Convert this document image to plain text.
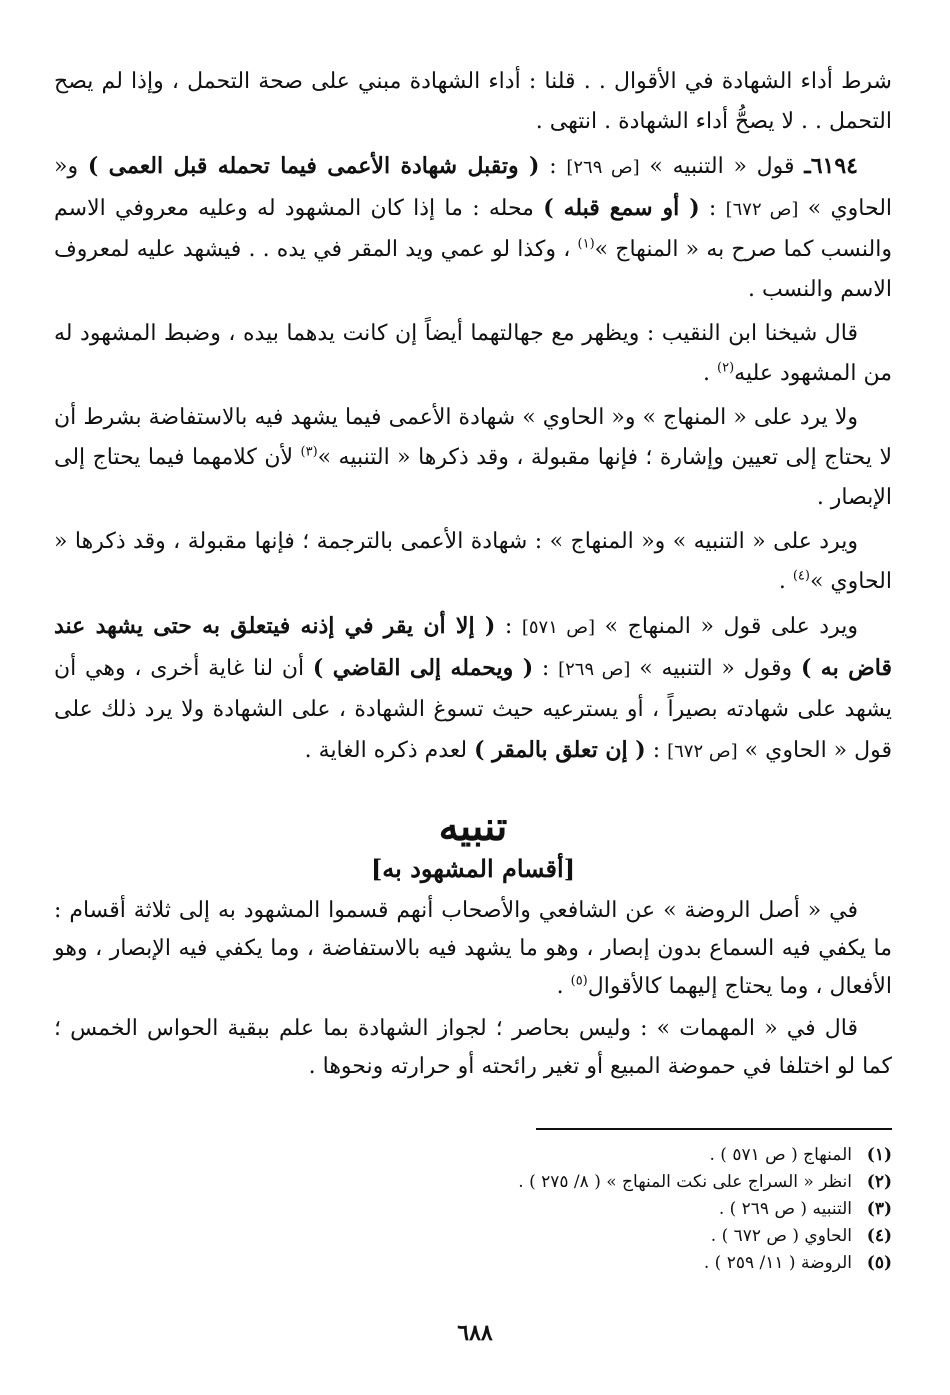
شرط أداء الشهادة في الأقوال . . قلنا : أداء الشهادة مبني على صحة التحمل ، وإذا لم يصح التحمل . . لا يصحُّ أداء الشهادة . انتهى .

٦١٩٤ـ قول « التنبيه » [ص ٢٦٩] : ( وتقبل شهادة الأعمى فيما تحمله قبل العمى ) و« الحاوي » [ص ٦٧٢] : ( أو سمع قبله ) محله : ما إذا كان المشهود له وعليه معروفي الاسم والنسب كما صرح به « المنهاج »$^{(١)}$ ، وكذا لو عمي ويد المقر في يده . . فيشهد عليه لمعروف الاسم والنسب .

قال شيخنا ابن النقيب : ويظهر مع جهالتهما أيضاً إن كانت يدهما بيده ، وضبط المشهود له من المشهود عليه$^{(٢)}$ .

ولا يرد على « المنهاج » و« الحاوي » شهادة الأعمى فيما يشهد فيه بالاستفاضة بشرط أن لا يحتاج إلى تعيين وإشارة ؛ فإنها مقبولة ، وقد ذكرها « التنبيه »$^{(٣)}$ لأن كلامهما فيما يحتاج إلى الإبصار .

ويرد على « التنبيه » و« المنهاج » : شهادة الأعمى بالترجمة ؛ فإنها مقبولة ، وقد ذكرها « الحاوي »$^{(٤)}$ .

ويرد على قول « المنهاج » [ص ٥٧١] : ( إلا أن يقر في إذنه فيتعلق به حتى يشهد عند قاض به ) وقول « التنبيه » [ص ٢٦٩] : ( ويحمله إلى القاضي ) أن لنا غاية أخرى ، وهي أن يشهد على شهادته بصيراً ، أو يسترعيه حيث تسوغ الشهادة ، على الشهادة ولا يرد ذلك على قول « الحاوي » [ص ٦٧٢] : ( إن تعلق بالمقر ) لعدم ذكره الغاية .

تنبيه
[أقسام المشهود به]

في « أصل الروضة » عن الشافعي والأصحاب أنهم قسموا المشهود به إلى ثلاثة أقسام : ما يكفي فيه السماع بدون إبصار ، وهو ما يشهد فيه بالاستفاضة ، وما يكفي فيه الإبصار ، وهو الأفعال ، وما يحتاج إليهما كالأقوال$^{(٥)}$ .

قال في « المهمات » : وليس بحاصر ؛ لجواز الشهادة بما علم ببقية الحواس الخمس ؛ كما لو اختلفا في حموضة المبيع أو تغير رائحته أو حرارته ونحوها .

(١)
المنهاج ( ص ٥٧١ ) .
(٢)
انظر « السراج على نكت المنهاج » ( ٨/ ٢٧٥ ) .
(٣)
التنبيه ( ص ٢٦٩ ) .
(٤)
الحاوي ( ص ٦٧٢ ) .
(٥)
الروضة ( ١١/ ٢٥٩ ) .
٦٨٨
